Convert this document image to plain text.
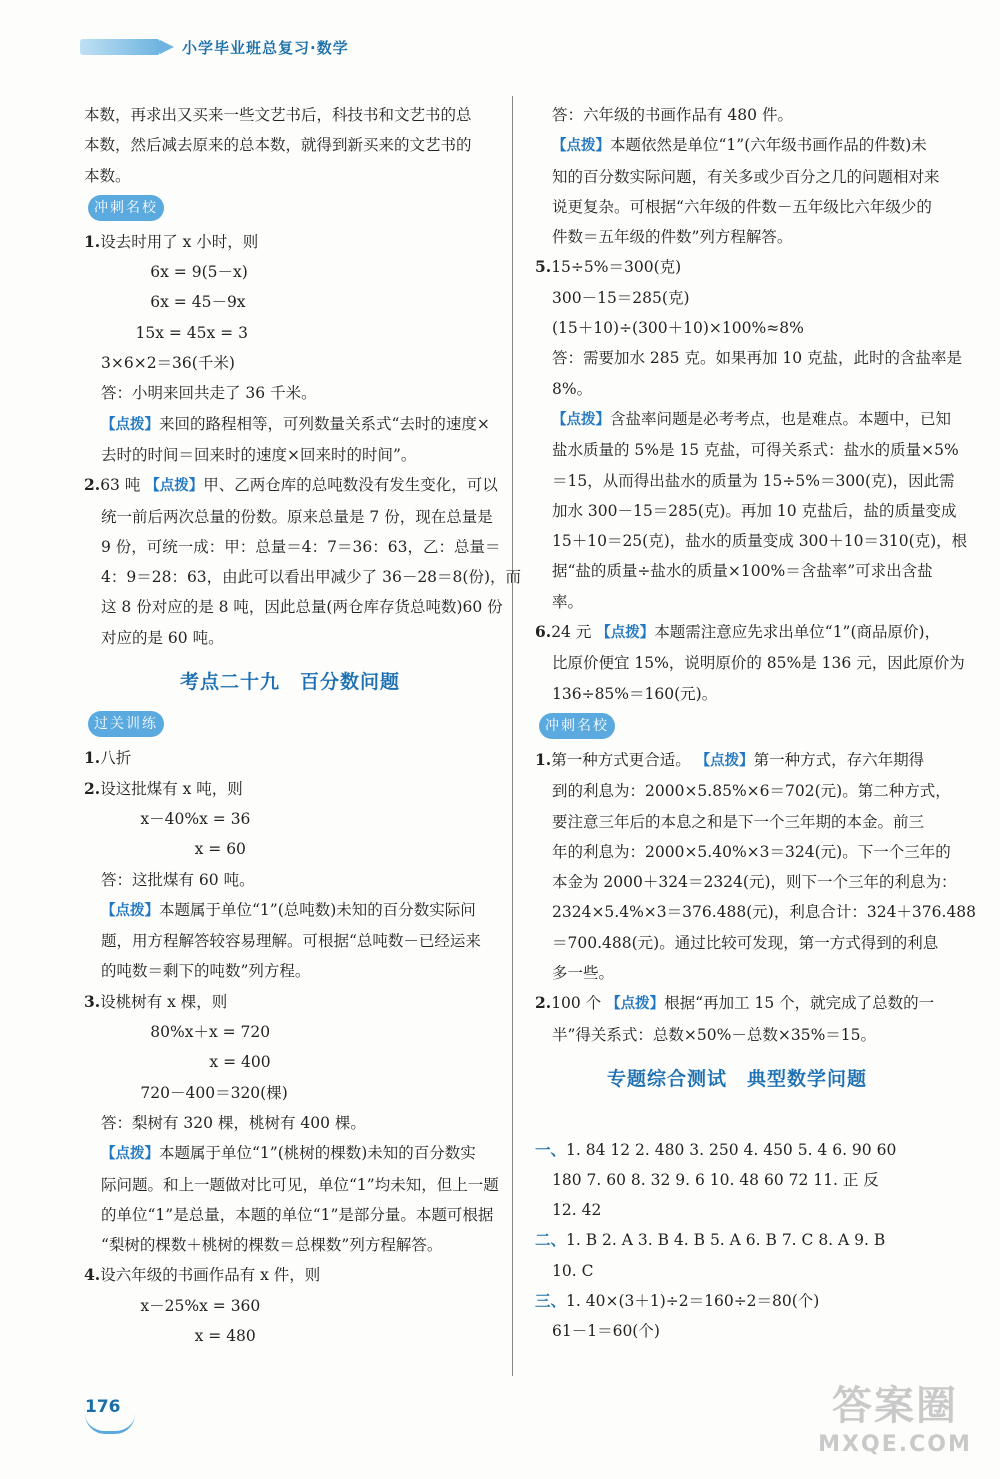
小学毕业班总复习·数学
本数，再求出又买来一些文艺书后，科技书和文艺书的总
本数，然后减去原来的总本数，就得到新买来的文艺书的
本数。
冲刺名校
1.设去时用了 x 小时，则
6x = 9(5－x)
6x = 45－9x
15x = 45x = 3
3×6×2＝36(千米)
答：小明来回共走了 36 千米。
【点拨】来回的路程相等，可列数量关系式“去时的速度×
去时的时间＝回来时的速度×回来时的时间”。
2.63 吨 【点拨】甲、乙两仓库的总吨数没有发生变化，可以
统一前后两次总量的份数。原来总量是 7 份，现在总量是
9 份，可统一成：甲：总量＝4：7＝36：63，乙：总量＝
4：9＝28：63，由此可以看出甲减少了 36－28＝8(份)，而
这 8 份对应的是 8 吨，因此总量(两仓库存货总吨数)60 份
对应的是 60 吨。
考点二十九　百分数问题
过关训练
1.八折
2.设这批煤有 x 吨，则
x－40%x = 36
x = 60
答：这批煤有 60 吨。
【点拨】本题属于单位“1”(总吨数)未知的百分数实际问
题，用方程解答较容易理解。可根据“总吨数－已经运来
的吨数＝剩下的吨数”列方程。
3.设桃树有 x 棵，则
80%x＋x = 720
x = 400
720－400＝320(棵)
答：梨树有 320 棵，桃树有 400 棵。
【点拨】本题属于单位“1”(桃树的棵数)未知的百分数实
际问题。和上一题做对比可见，单位“1”均未知，但上一题
的单位“1”是总量，本题的单位“1”是部分量。本题可根据
“梨树的棵数＋桃树的棵数＝总棵数”列方程解答。
4.设六年级的书画作品有 x 件，则
x－25%x = 360
x = 480
答：六年级的书画作品有 480 件。
【点拨】本题依然是单位“1”(六年级书画作品的件数)未
知的百分数实际问题，有关多或少百分之几的问题相对来
说更复杂。可根据“六年级的件数－五年级比六年级少的
件数＝五年级的件数”列方程解答。
5.15÷5%＝300(克)
300－15＝285(克)
(15＋10)÷(300＋10)×100%≈8%
答：需要加水 285 克。如果再加 10 克盐，此时的含盐率是
8%。
【点拨】含盐率问题是必考考点，也是难点。本题中，已知
盐水质量的 5%是 15 克盐，可得关系式：盐水的质量×5%
＝15，从而得出盐水的质量为 15÷5%＝300(克)，因此需
加水 300－15＝285(克)。再加 10 克盐后，盐的质量变成
15＋10＝25(克)，盐水的质量变成 300＋10＝310(克)，根
据“盐的质量÷盐水的质量×100%＝含盐率”可求出含盐
率。
6.24 元 【点拨】本题需注意应先求出单位“1”(商品原价)，
比原价便宜 15%，说明原价的 85%是 136 元，因此原价为
136÷85%＝160(元)。
冲刺名校
1.第一种方式更合适。 【点拨】第一种方式，存六年期得
到的利息为：2000×5.85%×6＝702(元)。第二种方式，
要注意三年后的本息之和是下一个三年期的本金。前三
年的利息为：2000×5.40%×3＝324(元)。下一个三年的
本金为 2000＋324＝2324(元)，则下一个三年的利息为：
2324×5.4%×3＝376.488(元)，利息合计：324＋376.488
＝700.488(元)。通过比较可发现，第一方式得到的利息
多一些。
2.100 个 【点拨】根据“再加工 15 个，就完成了总数的一
半”得关系式：总数×50%－总数×35%＝15。
专题综合测试　典型数学问题

一、1. 84 12 2. 480 3. 250 4. 450 5. 4 6. 90 60
180 7. 60 8. 32 9. 6 10. 48 60 72 11. 正 反
12. 42
二、1. B 2. A 3. B 4. B 5. A 6. B 7. C 8. A 9. B
10. C
三、1. 40×(3＋1)÷2＝160÷2＝80(个)
61－1＝60(个)
176	答案圈
MXQE.COM
